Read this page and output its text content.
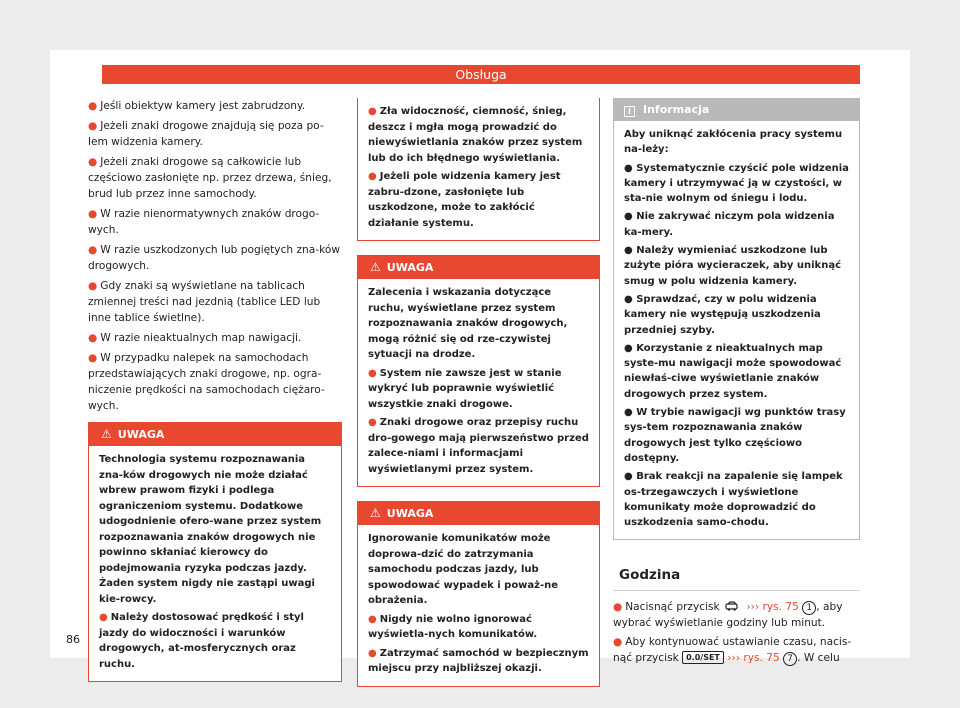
Obsługa
● Jeśli obiektyw kamery jest zabrudzony.
● Jeżeli znaki drogowe znajdują się poza po-lem widzenia kamery.
● Jeżeli znaki drogowe są całkowicie lub częściowo zasłonięte np. przez drzewa, śnieg, brud lub przez inne samochody.
● W razie nienormatywnych znaków drogo-wych.
● W razie uszkodzonych lub pogiętych zna-ków drogowych.
● Gdy znaki są wyświetlane na tablicach zmiennej treści nad jezdnią (tablice LED lub inne tablice świetlne).
● W razie nieaktualnych map nawigacji.
● W przypadku nalepek na samochodach przedstawiających znaki drogowe, np. ogra-niczenie prędkości na samochodach ciężaro-wych.
⚠ UWAGA

Technologia systemu rozpoznawania zna-ków drogowych nie może działać wbrew prawom fizyki i podlega ograniczeniom systemu. Dodatkowe udogodnienie ofero-wane przez system rozpoznawania znaków drogowych nie powinno skłaniać kierowcy do podejmowania ryzyka podczas jazdy. Żaden system nigdy nie zastąpi uwagi kie-rowcy.

● Należy dostosować prędkość i styl jazdy do widoczności i warunków drogowych, at-mosferycznych oraz ruchu.
● Zła widoczność, ciemność, śnieg, deszcz i mgła mogą prowadzić do niewyświetlania znaków przez system lub do ich błędnego wyświetlania.
● Jeżeli pole widzenia kamery jest zabru-dzone, zasłonięte lub uszkodzone, może to zakłócić działanie systemu.
⚠ UWAGA

Zalecenia i wskazania dotyczące ruchu, wyświetlane przez system rozpoznawania znaków drogowych, mogą różnić się od rze-czywistej sytuacji na drodze.

● System nie zawsze jest w stanie wykryć lub poprawnie wyświetlić wszystkie znaki drogowe.
● Znaki drogowe oraz przepisy ruchu dro-gowego mają pierwszeństwo przed zalece-niami i informacjami wyświetlanymi przez system.
⚠ UWAGA

Ignorowanie komunikatów może doprowa-dzić do zatrzymania samochodu podczas jazdy, lub spowodować wypadek i poważ-ne obrażenia.

● Nigdy nie wolno ignorować wyświetla-nych komunikatów.
● Zatrzymać samochód w bezpiecznym miejscu przy najbliższej okazji.
i Informacja

Aby uniknąć zakłócenia pracy systemu na-leży:

● Systematycznie czyścić pole widzenia kamery i utrzymywać ją w czystości, w sta-nie wolnym od śniegu i lodu.
● Nie zakrywać niczym pola widzenia ka-mery.
● Należy wymieniać uszkodzone lub zużyte pióra wycieraczek, aby uniknąć smug w polu widzenia kamery.
● Sprawdzać, czy w polu widzenia kamery nie występują uszkodzenia przedniej szyby.
● Korzystanie z nieaktualnych map syste-mu nawigacji może spowodować niewłaś-ciwe wyświetlanie znaków drogowych przez system.
● W trybie nawigacji wg punktów trasy sys-tem rozpoznawania znaków drogowych jest tylko częściowo dostępny.
● Brak reakcji na zapalenie się lampek os-trzegawczych i wyświetlone komunikaty może doprowadzić do uszkodzenia samo-chodu.
Godzina

● Nacisnąć przycisk	››› rys. 75 1 , aby wybrać wyświetlanie godziny lub minut.

● Aby kontynuować ustawianie czasu, nacis-nąć przycisk 0.0/SET ››› rys. 75 7 . W celu

86
